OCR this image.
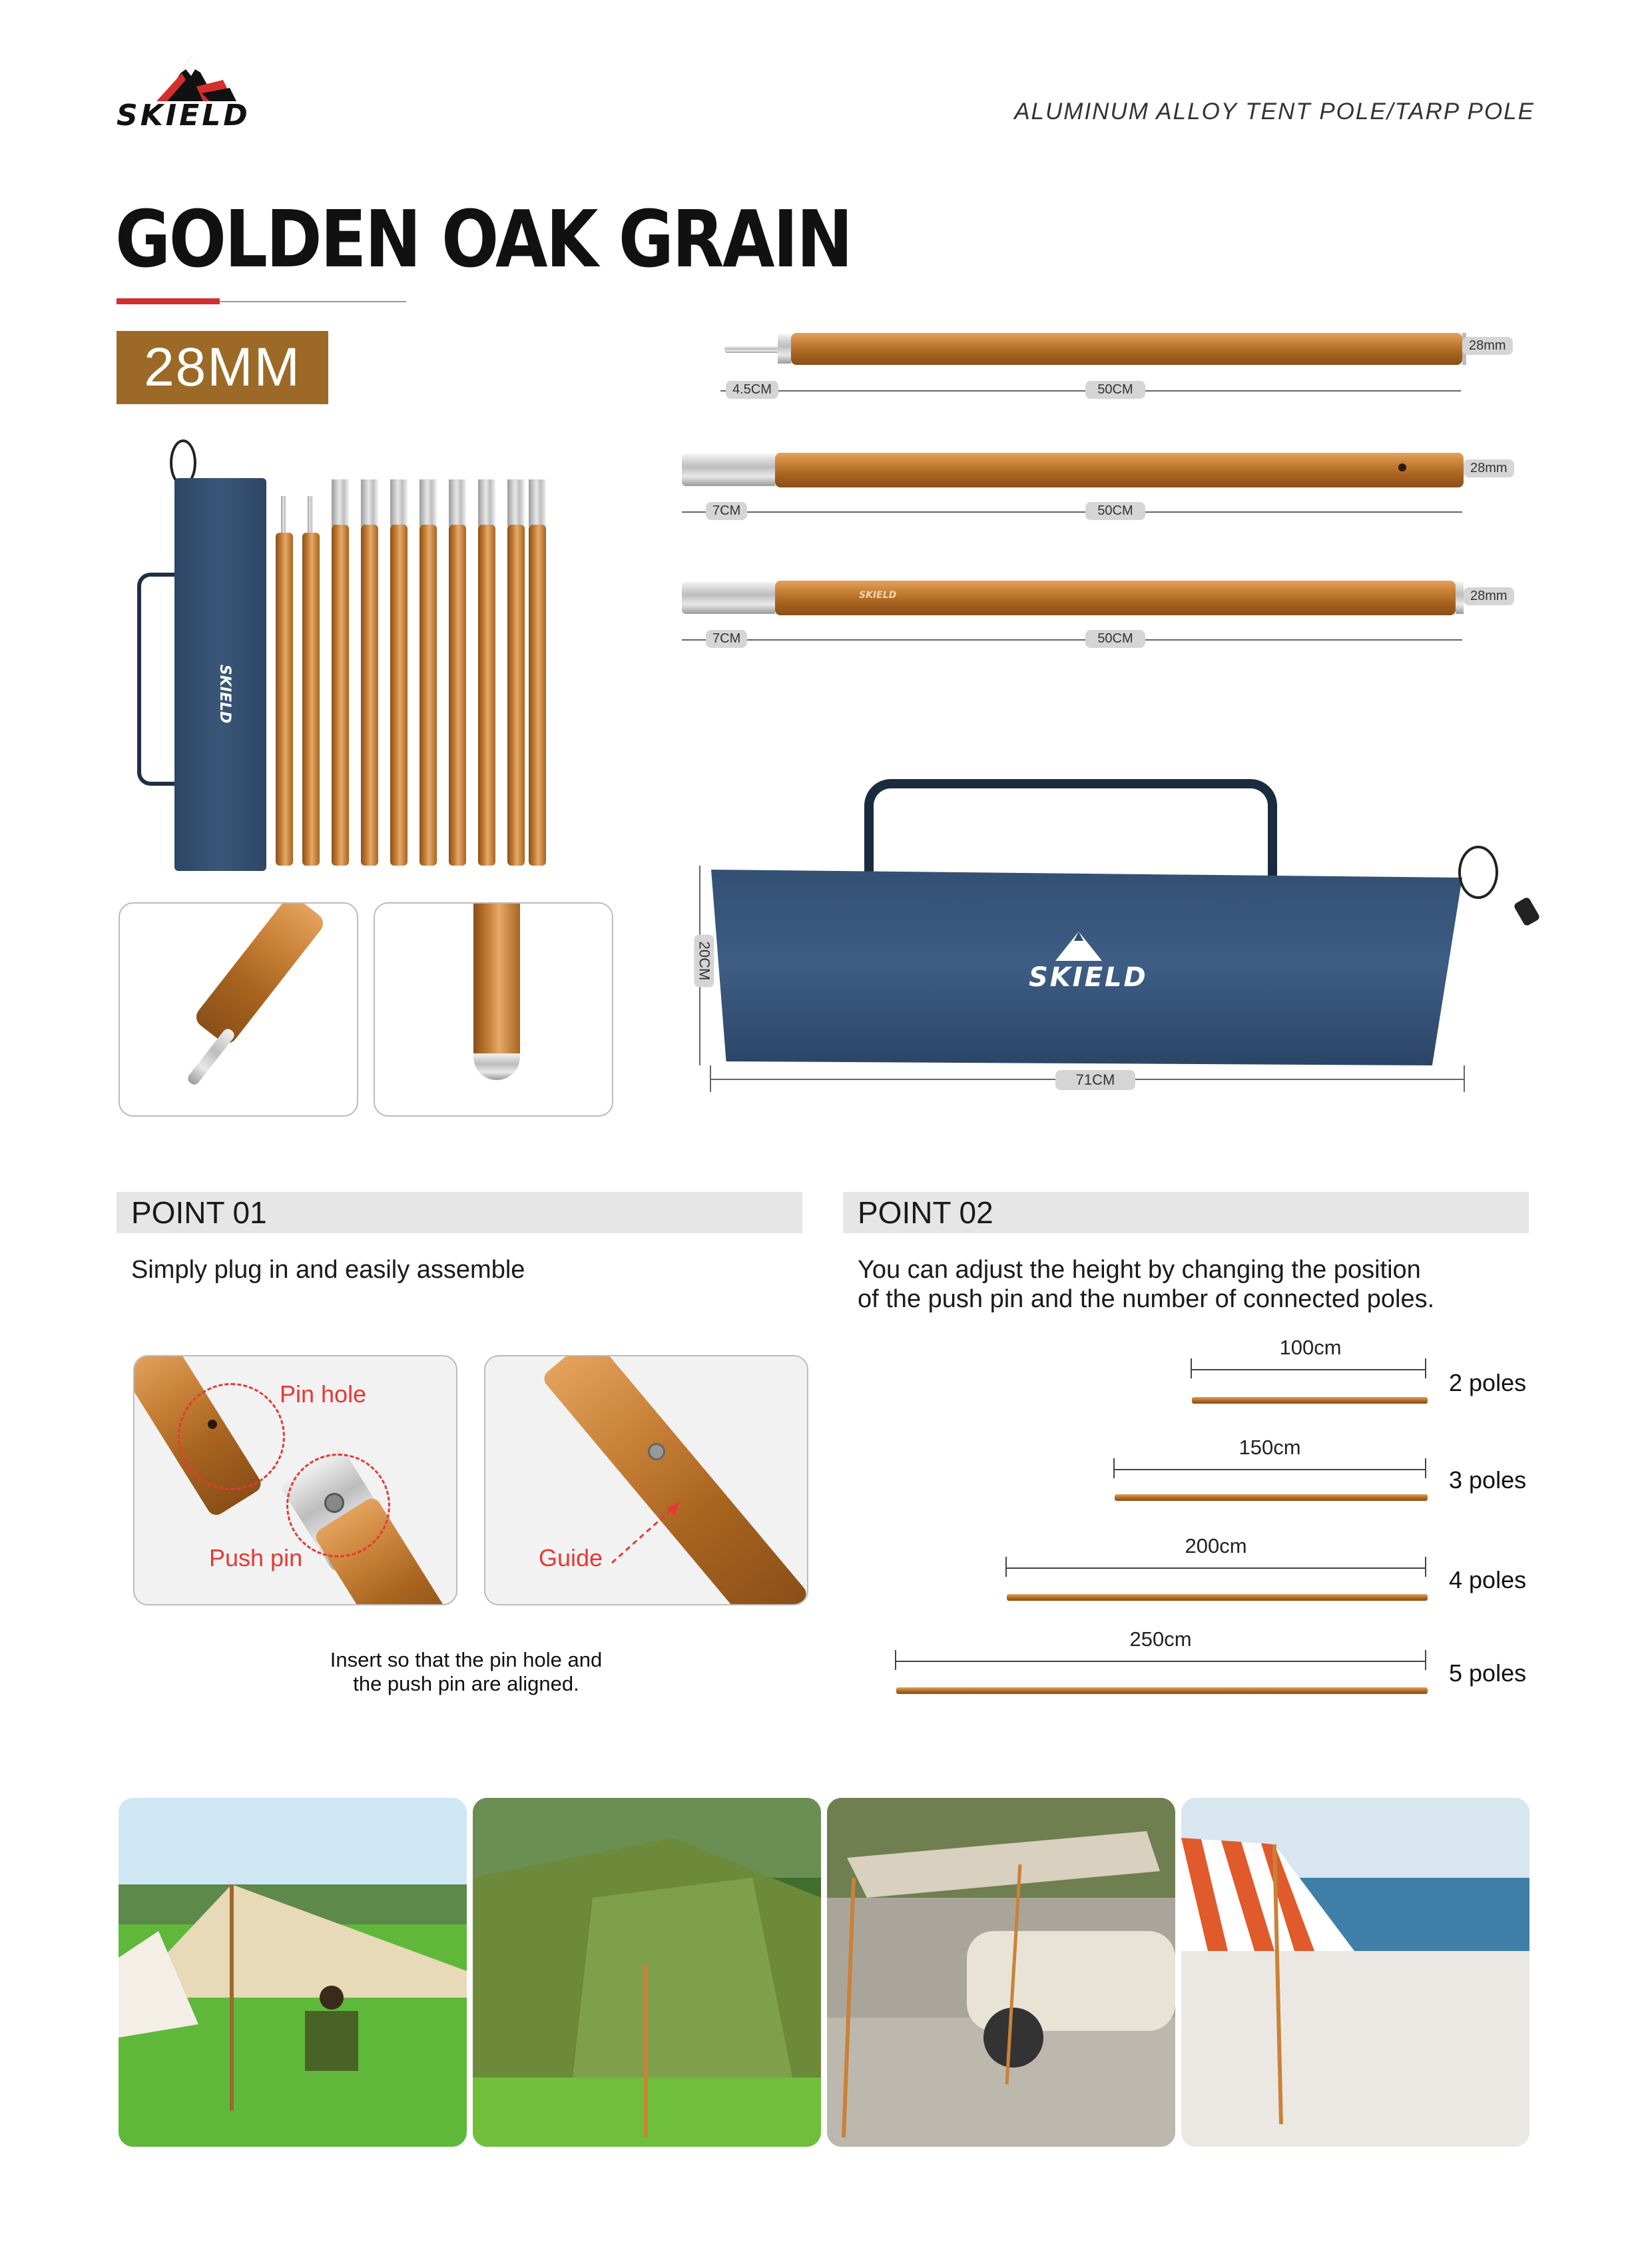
SKIELD	ALUMINUM ALLOY TENT POLE/TARP POLE
GOLDEN OAK GRAIN
28MM
SKIELD
28mm
4.5CM	50CM
28mm
7CM	50CM
SKIELD	28mm
7CM	50CM
SKIELD
20CM
71CM
POINT 01
Simply plug in and easily assemble
Pin hole
Push pin	Guide
Insert so that the pin hole and
the push pin are aligned.
POINT 02
You can adjust the height by changing the position
of the push pin and the number of connected poles.
100cm
2 poles
150cm
3 poles
200cm
4 poles
250cm
5 poles
